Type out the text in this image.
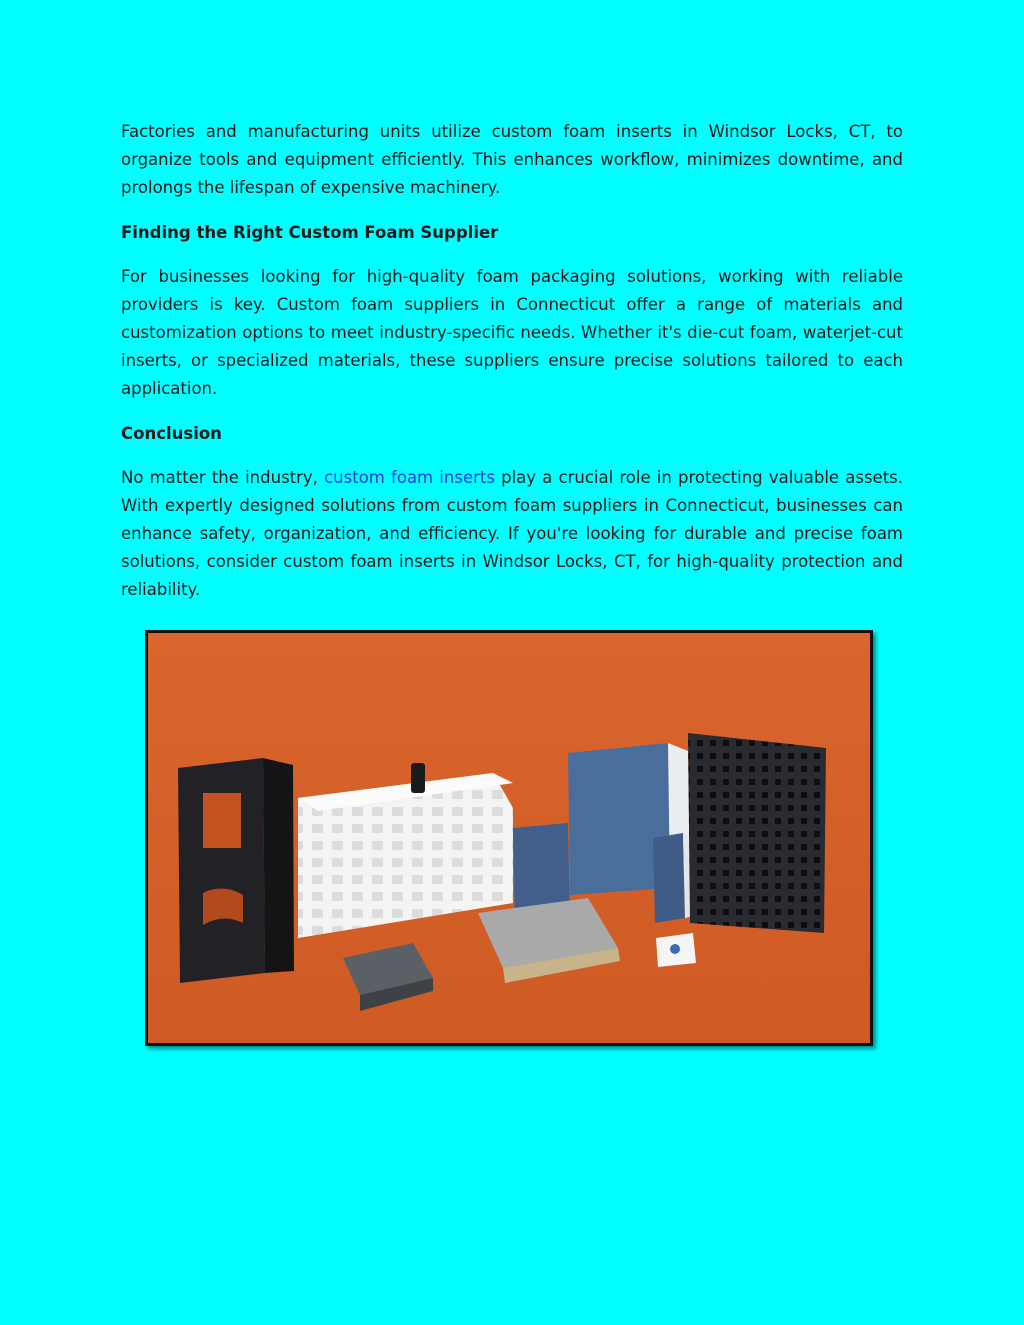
Factories and manufacturing units utilize custom foam inserts in Windsor Locks, CT, to organize tools and equipment efficiently. This enhances workflow, minimizes downtime, and prolongs the lifespan of expensive machinery.

Finding the Right Custom Foam Supplier

For businesses looking for high-quality foam packaging solutions, working with reliable providers is key. Custom foam suppliers in Connecticut offer a range of materials and customization options to meet industry-specific needs. Whether it's die-cut foam, waterjet-cut inserts, or specialized materials, these suppliers ensure precise solutions tailored to each application.

Conclusion

No matter the industry, custom foam inserts play a crucial role in protecting valuable assets. With expertly designed solutions from custom foam suppliers in Connecticut, businesses can enhance safety, organization, and efficiency. If you're looking for durable and precise foam solutions, consider custom foam inserts in Windsor Locks, CT, for high-quality protection and reliability.
